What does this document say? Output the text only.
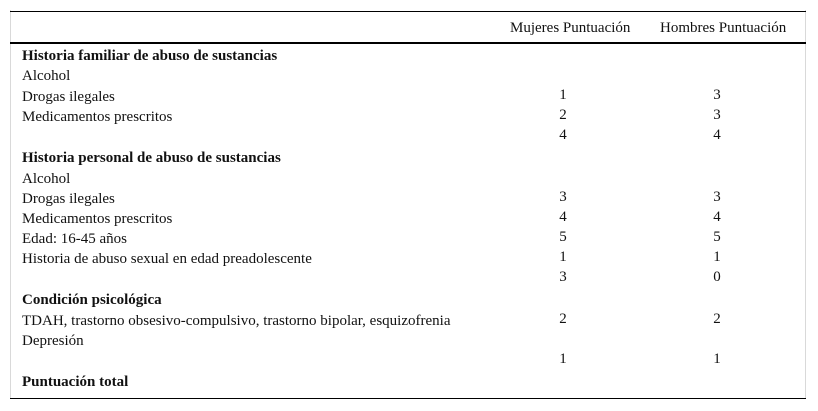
Mujeres Puntuación Hombres Puntuación
Historia familiar de abuso de sustancias
Alcohol
Drogas ilegales	1	3
Medicamentos prescritos	2	3
4	4
Historia personal de abuso de sustancias
Alcohol
Drogas ilegales	3	3
Medicamentos prescritos	4	4
Edad: 16-45 años	5	5
Historia de abuso sexual en edad preadolescente	1	1
3	0
Condición psicológica
TDAH, trastorno obsesivo-compulsivo, trastorno bipolar, esquizofrenia	2	2
Depresión
1	1
Puntuación total
